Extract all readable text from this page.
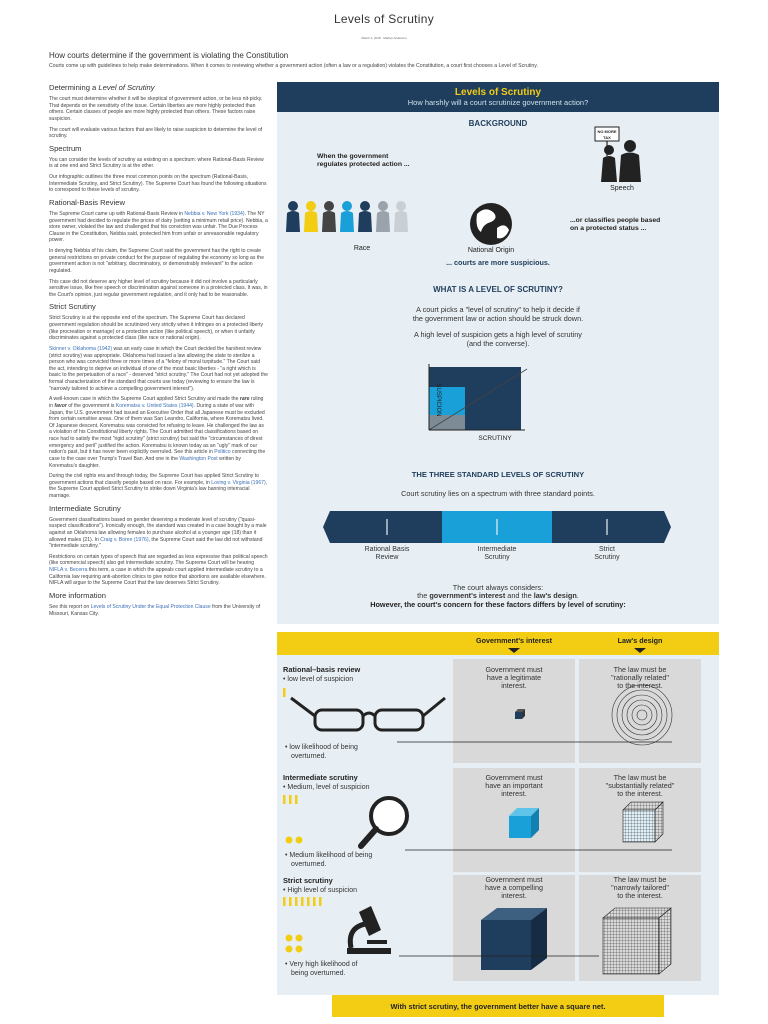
Levels of Scrutiny
March 1, 2018 · Marilyn Anderson
How courts determine if the government is violating the Constitution
Courts come up with guidelines to help make determinations. When it comes to reviewing whether a government action (often a law or a regulation) violates the Constitution, a court first chooses a Level of Scrutiny.
Determining a Level of Scrutiny

The court must determine whether it will be skeptical of government action, or be less nit-picky. That depends on the sensitivity of the issue. Certain liberties are more highly protected than others. Certain classes of people are more highly protected than others. These factors raise suspicion.

The court will evaluate various factors that are likely to raise suspicion to determine the level of scrutiny.

Spectrum

You can consider the levels of scrutiny as existing on a spectrum: where Rational-Basis Review is at one end and Strict Scrutiny is at the other.

Our infographic outlines the three most common points on the spectrum (Rational-Basis, Intermediate Scrutiny, and Strict Scrutiny). The Supreme Court has found the following situations to correspond to these levels of scrutiny.

Rational-Basis Review

The Supreme Court came up with Rational-Basis Review in Nebbia v. New York (1934). The NY government had decided to regulate the prices of dairy (setting a minimum retail price). Nebbia, a store owner, violated the law and challenged that his conviction was unfair. The Due Process Clause in the Constitution, Nebbia said, protected him from unfair or unreasonable regulatory power.

In denying Nebbia of his claim, the Supreme Court said the government has the right to create general restrictions on private conduct for the purpose of regulating the economy so long as the government action is not "arbitrary, discriminatory, or demonstrably irrelevant" to the action regulated.

This case did not deserve any higher level of scrutiny because it did not involve a particularly sensitive issue, like free speech or discrimination against someone in a protected class. It was, in the Court's opinion, just regular government regulation, and it only had to be reasonable.

Strict Scrutiny

Strict Scrutiny is at the opposite end of the spectrum. The Supreme Court has declared government regulation should be scrutinized very strictly when it infringes on a protected liberty (like procreation or marriage) or a protection action (like political speech), or when it unfairly discriminates against a protected class (like race or national origin).

Skinner v. Oklahoma (1942) was an early case in which the Court decided the harshest review (strict scrutiny) was appropriate. Oklahoma had issued a law allowing the state to sterilize a person who was convicted three or more times of a "felony of moral turpitude." The Court said the act, intending to deprive an individual of one of the most basic liberties - "a right which is basic to the perpetuation of a race" - deserved "strict scrutiny." The Court had not yet adopted the formal characterization of the standard that courts use today (reviewing to ensure the law is "narrowly tailored to achieve a compelling government interest").

A well-known case in which the Supreme Court applied Strict Scrutiny and made the rare ruling in favor of the government is Korematsu v. United States (1944). During a state of war with Japan, the U.S. government had issued an Executive Order that all Japanese must be excluded from certain sensitive areas. One of them was San Leandro, California, where Korematsu lived. Of Japanese descent, Korematsu was convicted for refusing to leave. He challenged the law as a violation of his Constitutional liberty rights. The Court admitted that classifications based on race had to satisfy the most "rigid scrutiny" (strict scrutiny) but said the "circumstances of direst emergency and peril" justified the action. Korematsu is known today as an "ugly" mark of our nation's past, but it has never been explicitly overruled. See this article in Politico connecting the case to the case over Trump's Travel Ban. And one in the Washington Post written by Korematsu's daughter.

During the civil rights era and through today, the Supreme Court has applied Strict Scrutiny to government actions that classify people based on race. For example, in Loving v. Virginia (1967), the Supreme Court applied Strict Scrutiny to strike down Virginia's law banning interracial marriage.

Intermediate Scrutiny

Government classifications based on gender deserving a moderate level of scrutiny ("quasi-suspect classifications"). Ironically enough, the standard was created in a case bought by a male against an Oklahoma law allowing females to purchase alcohol at a younger age (18) than it allowed males (21). In Craig v. Boren (1976), the Supreme Court said the law did not withstand "intermediate scrutiny."

Restrictions on certain types of speech that are regarded as less expressive than political speech (like commercial speech) also get intermediate scrutiny. The Supreme Court will be hearing NIFLA v. Becerra this term, a case in which the appeals court applied intermediate scrutiny to a California law requiring anti-abortion clinics to give notice that abortions are available elsewhere. NIFLA will argue to the Supreme Court that the law deserves Strict Scrutiny.

More information

See this report on Levels of Scrutiny Under the Equal Protection Clause from the University of Missouri, Kansas City.

Levels of Scrutiny
How harshly will a court scrutinize government action?
BACKGROUND
When the government
regulates protected action ...
NO MORE
TAX
Speech
Race	National Origin
...or classifies people based
on a protected status ...
... courts are more suspicious.
WHAT IS A LEVEL OF SCRUTINY?
A court picks a "level of scrutiny" to help it decide if
the government law or action should be struck down.
A high level of suspicion gets a high level of scrutiny
(and the converse).
SUSPICION
SCRUTINY
THE THREE STANDARD LEVELS OF SCRUTINY
Court scrutiny lies on a spectrum with three standard points.
Rational Basis
Review
Intermediate
Scrutiny
Strict
Scrutiny
The court always considers:
the government's interest and the law's design.
However, the court's concern for these factors differs by level of scrutiny:
Government's interest	Law's design
Rational–basis review
• low level of suspicion
• low likelihood of being
overturned.
Government must
have a legitimate
interest.
The law must be
"rationally related"
to the interest.
Intermediate scrutiny
• Medium, level of suspicion
• Medium likelihood of being
overturned.
Government must
have an important
interest.
The law must be
"substantially related"
to the interest.
Strict scrutiny
• High level of suspicion
• Very high likelihood of
being overturned.
Government must
have a compelling
interest.
The law must be
"narrowly tailored"
to the interest.
With strict scrutiny, the government better have a square net.
